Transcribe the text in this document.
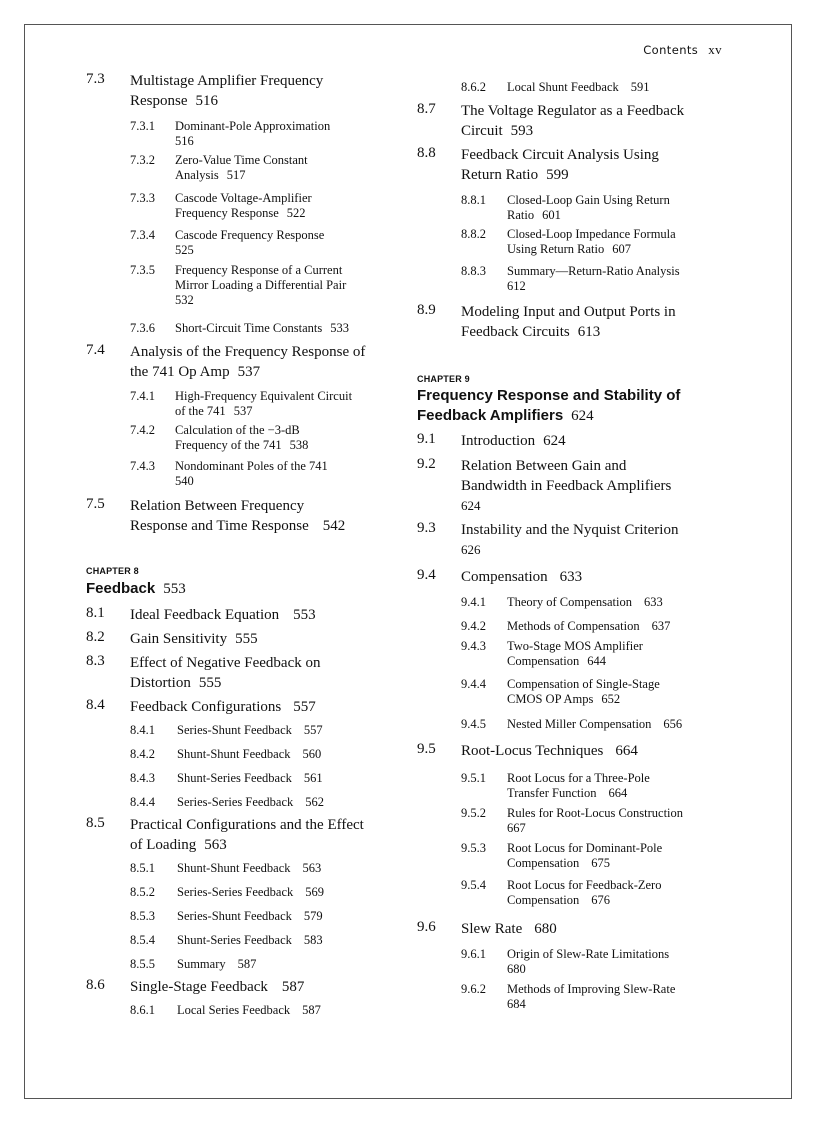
Contents xv
7.3 Multistage Amplifier Frequency
Response 516
7.3.1 Dominant-Pole Approximation
516
7.3.2 Zero-Value Time Constant
Analysis 517
7.3.3 Cascode Voltage-Amplifier
Frequency Response 522
7.3.4 Cascode Frequency Response
525
7.3.5 Frequency Response of a Current
Mirror Loading a Differential Pair
532
7.3.6 Short-Circuit Time Constants 533
7.4 Analysis of the Frequency Response of
the 741 Op Amp 537
7.4.1 High-Frequency Equivalent Circuit
of the 741 537
7.4.2 Calculation of the −3-dB
Frequency of the 741 538
7.4.3 Nondominant Poles of the 741
540
7.5 Relation Between Frequency
Response and Time Response 542
CHAPTER 8
Feedback 553
8.1 Ideal Feedback Equation 553
8.2 Gain Sensitivity 555
8.3 Effect of Negative Feedback on
Distortion 555
8.4 Feedback Configurations 557
8.4.1 Series-Shunt Feedback 557
8.4.2 Shunt-Shunt Feedback 560
8.4.3 Shunt-Series Feedback 561
8.4.4 Series-Series Feedback 562
8.5 Practical Configurations and the Effect
of Loading 563
8.5.1 Shunt-Shunt Feedback 563
8.5.2 Series-Series Feedback 569
8.5.3 Series-Shunt Feedback 579
8.5.4 Shunt-Series Feedback 583
8.5.5 Summary 587
8.6 Single-Stage Feedback 587
8.6.1 Local Series Feedback 587
8.6.2 Local Shunt Feedback 591
8.7 The Voltage Regulator as a Feedback
Circuit 593
8.8 Feedback Circuit Analysis Using
Return Ratio 599
8.8.1 Closed-Loop Gain Using Return
Ratio 601
8.8.2 Closed-Loop Impedance Formula
Using Return Ratio 607
8.8.3 Summary—Return-Ratio Analysis
612
8.9 Modeling Input and Output Ports in
Feedback Circuits 613
CHAPTER 9
Frequency Response and Stability of
Feedback Amplifiers 624
9.1 Introduction 624
9.2 Relation Between Gain and
Bandwidth in Feedback Amplifiers
624
9.3 Instability and the Nyquist Criterion
626
9.4 Compensation 633
9.4.1 Theory of Compensation 633
9.4.2 Methods of Compensation 637
9.4.3 Two-Stage MOS Amplifier
Compensation 644
9.4.4 Compensation of Single-Stage
CMOS OP Amps 652
9.4.5 Nested Miller Compensation 656
9.5 Root-Locus Techniques 664
9.5.1 Root Locus for a Three-Pole
Transfer Function 664
9.5.2 Rules for Root-Locus Construction
667
9.5.3 Root Locus for Dominant-Pole
Compensation 675
9.5.4 Root Locus for Feedback-Zero
Compensation 676
9.6 Slew Rate 680
9.6.1 Origin of Slew-Rate Limitations
680
9.6.2 Methods of Improving Slew-Rate
684
